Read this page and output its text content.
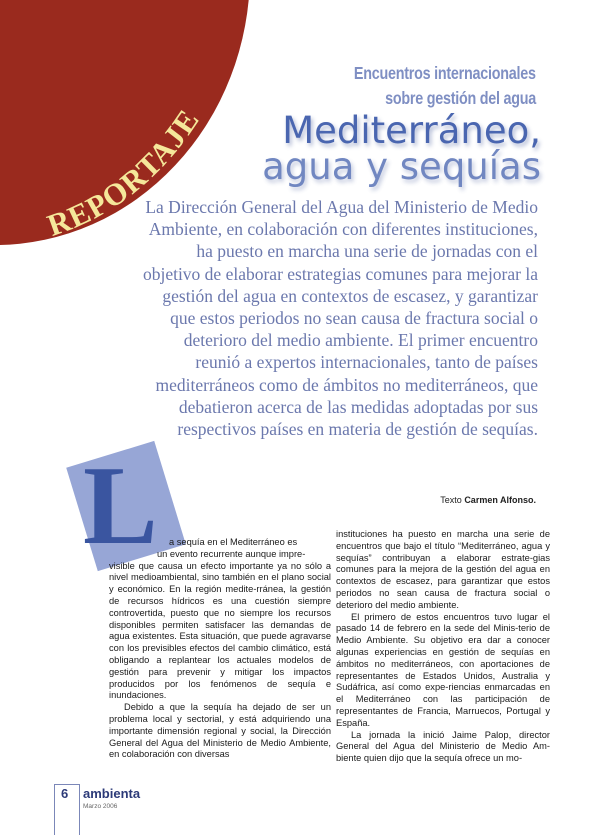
REPORTAJE
Encuentros internacionales
sobre gestión del agua
Mediterráneo,
agua y sequías
La Dirección General del Agua del Ministerio de Medio Ambiente, en colaboración con diferentes instituciones, ha puesto en marcha una serie de jornadas con el objetivo de elaborar estrategias comunes para mejorar la gestión del agua en contextos de escasez, y garantizar que estos periodos no sean causa de fractura social o deterioro del medio ambiente. El primer encuentro reunió a expertos internacionales, tanto de países mediterráneos como de ámbitos no mediterráneos, que debatieron acerca de las medidas adoptadas por sus respectivos países en materia de gestión de sequías.
Texto Carmen Alfonso.
L a sequía en el Mediterráneo es

un evento recurrente aunque impre-

visible que causa un efecto importante ya no sólo a nivel medioambiental, sino también en el plano social y económico. En la región medite-rránea, la gestión de recursos hídricos es una cuestión siempre controvertida, puesto que no siempre los recursos disponibles permiten satisfacer las demandas de agua existentes. Esta situación, que puede agravarse con los previsibles efectos del cambio climático, está obligando a replantear los actuales modelos de gestión para prevenir y mitigar los impactos producidos por los fenómenos de sequía e inundaciones.

Debido a que la sequía ha dejado de ser un problema local y sectorial, y está adquiriendo una importante dimensión regional y social, la Dirección General del Agua del Ministerio de Medio Ambiente, en colaboración con diversas

instituciones ha puesto en marcha una serie de encuentros que bajo el título “Mediterráneo, agua y sequías” contribuyan a elaborar estrate-gias comunes para la mejora de la gestión del agua en contextos de escasez, para garantizar que estos periodos no sean causa de fractura social o deterioro del medio ambiente.

El primero de estos encuentros tuvo lugar el pasado 14 de febrero en la sede del Minis-terio de Medio Ambiente. Su objetivo era dar a conocer algunas experiencias en gestión de sequías en ámbitos no mediterráneos, con aportaciones de representantes de Estados Unidos, Australia y Sudáfrica, así como expe-riencias enmarcadas en el Mediterráneo con las participación de representantes de Francia, Marruecos, Portugal y España.

La jornada la inició Jaime Palop, director General del Agua del Ministerio de Medio Am-biente quien dijo que la sequía ofrece un mo-

6 ambienta
Marzo 2006
